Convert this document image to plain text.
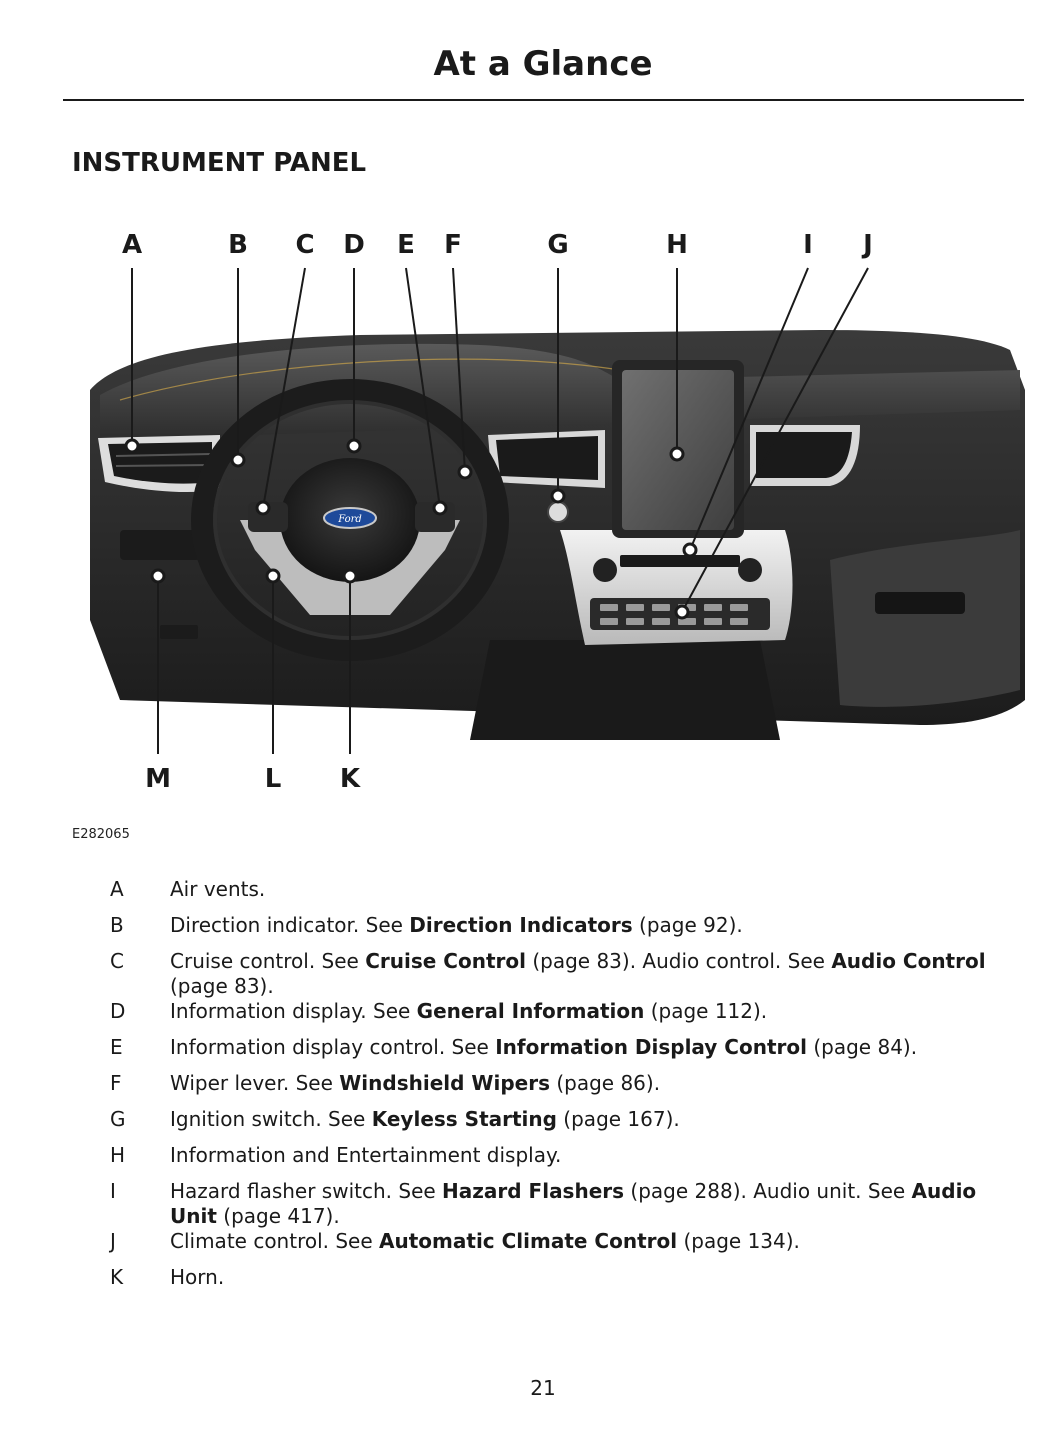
At a Glance
INSTRUMENT PANEL
Ford
A	B C D E F	G	H	I J
M	L K
E282065
A	Air vents.
B	Direction indicator. See Direction Indicators (page 92).
C	Cruise control. See Cruise Control (page 83). Audio control. See Audio Control (page 83).
D	Information display. See General Information (page 112).
E	Information display control. See Information Display Control (page 84).
F	Wiper lever. See Windshield Wipers (page 86).
G	Ignition switch. See Keyless Starting (page 167).
H	Information and Entertainment display.
I	Hazard flasher switch. See Hazard Flashers (page 288). Audio unit. See Audio Unit (page 417).
J	Climate control. See Automatic Climate Control (page 134).
K	Horn.
21
